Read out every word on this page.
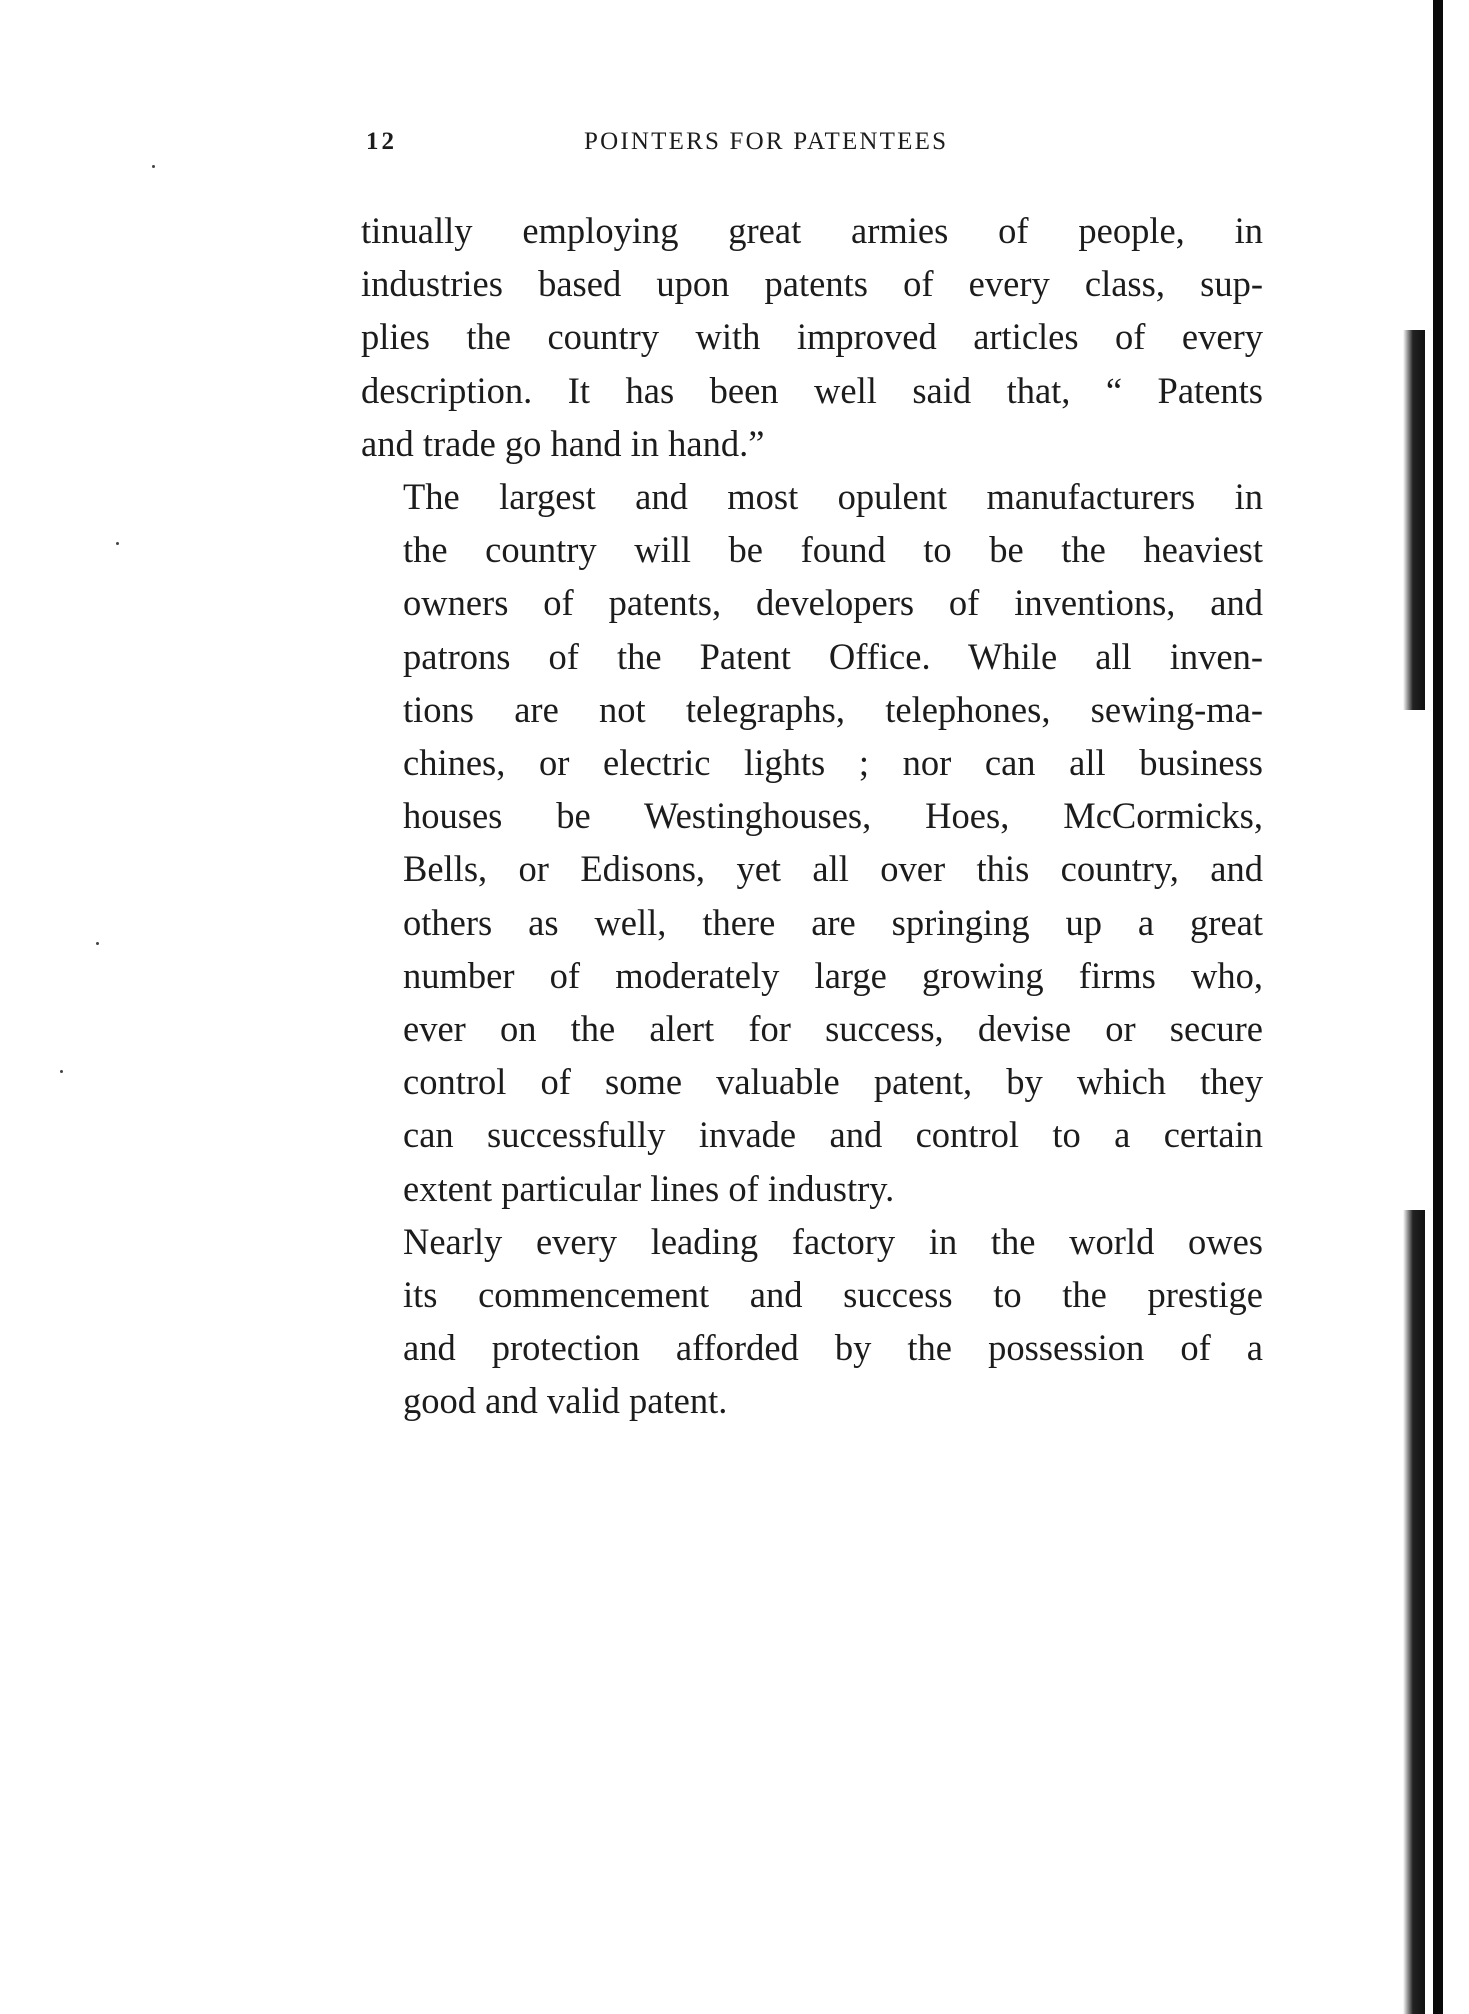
12	POINTERS FOR PATENTEES

tinually employing great armies of people, in
industries based upon patents of every class, sup-
plies the country with improved articles of every
description. It has been well said that, “ Patents
and trade go hand in hand.”

The largest and most opulent manufacturers in
the country will be found to be the heaviest
owners of patents, developers of inventions, and
patrons of the Patent Office. While all inven-
tions are not telegraphs, telephones, sewing-ma-
chines, or electric lights ; nor can all business
houses be Westinghouses, Hoes, McCormicks,
Bells, or Edisons, yet all over this country, and
others as well, there are springing up a great
number of moderately large growing firms who,
ever on the alert for success, devise or secure
control of some valuable patent, by which they
can successfully invade and control to a certain
extent particular lines of industry.

Nearly every leading factory in the world owes
its commencement and success to the prestige
and protection afforded by the possession of a
good and valid patent.
